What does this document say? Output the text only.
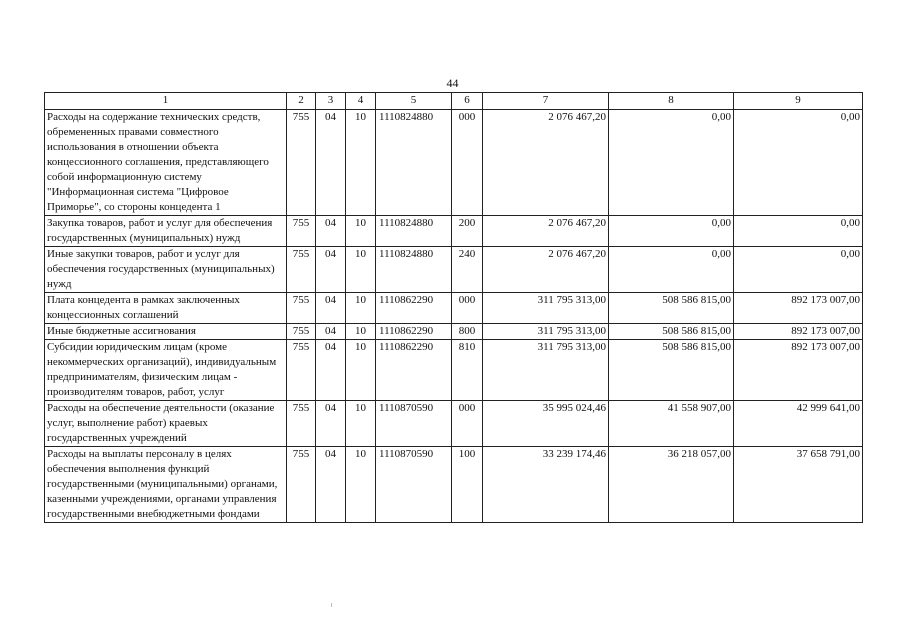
44
1	2	3	4	5	6	7	8	9
Расходы на содержание технических средств, обремененных правами совместного использования в отношении объекта концессионного соглашения, представляющего собой информационную систему "Информационная система "Цифровое Приморье", со стороны концедента 1	755	04	10	1110824880	000	2 076 467,20	0,00	0,00
Закупка товаров, работ и услуг для обеспечения государственных (муниципальных) нужд	755	04	10	1110824880	200	2 076 467,20	0,00	0,00
Иные закупки товаров, работ и услуг для обеспечения государственных (муниципальных) нужд	755	04	10	1110824880	240	2 076 467,20	0,00	0,00
Плата концедента в рамках заключенных концессионных соглашений	755	04	10	1110862290	000	311 795 313,00	508 586 815,00	892 173 007,00
Иные бюджетные ассигнования	755	04	10	1110862290	800	311 795 313,00	508 586 815,00	892 173 007,00
Субсидии юридическим лицам (кроме некоммерческих организаций), индивидуальным предпринимателям, физическим лицам - производителям товаров, работ, услуг	755	04	10	1110862290	810	311 795 313,00	508 586 815,00	892 173 007,00
Расходы на обеспечение деятельности (оказание услуг, выполнение работ) краевых государственных учреждений	755	04	10	1110870590	000	35 995 024,46	41 558 907,00	42 999 641,00
Расходы на выплаты персоналу в целях обеспечения выполнения функций государственными (муниципальными) органами, казенными учреждениями, органами управления государственными внебюджетными фондами	755	04	10	1110870590	100	33 239 174,46	36 218 057,00	37 658 791,00
